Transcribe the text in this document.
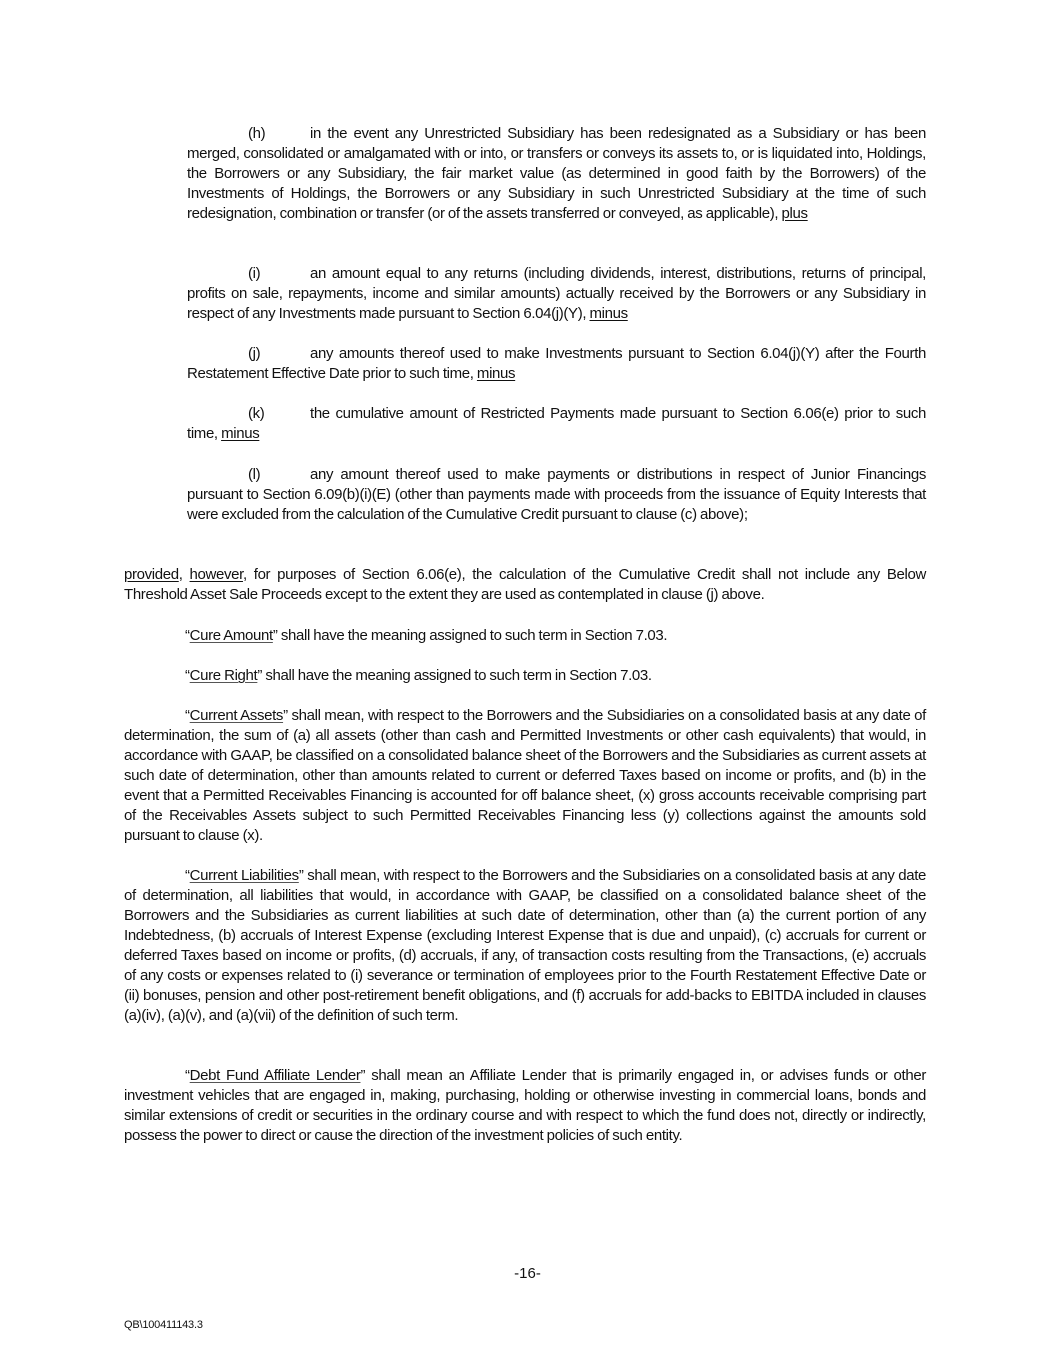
(h)	in the event any Unrestricted Subsidiary has been redesignated as a Subsidiary or has been merged, consolidated or amalgamated with or into, or transfers or conveys its assets to, or is liquidated into, Holdings, the Borrowers or any Subsidiary, the fair market value (as determined in good faith by the Borrowers) of the Investments of Holdings, the Borrowers or any Subsidiary in such Unrestricted Subsidiary at the time of such redesignation, combination or transfer (or of the assets transferred or conveyed, as applicable), plus
(i)	an amount equal to any returns (including dividends, interest, distributions, returns of principal, profits on sale, repayments, income and similar amounts) actually received by the Borrowers or any Subsidiary in respect of any Investments made pursuant to Section 6.04(j)(Y), minus
(j)	any amounts thereof used to make Investments pursuant to Section 6.04(j)(Y) after the Fourth Restatement Effective Date prior to such time, minus
(k)	the cumulative amount of Restricted Payments made pursuant to Section 6.06(e) prior to such time, minus
(l)	any amount thereof used to make payments or distributions in respect of Junior Financings pursuant to Section 6.09(b)(i)(E) (other than payments made with proceeds from the issuance of Equity Interests that were excluded from the calculation of the Cumulative Credit pursuant to clause (c) above);
provided, however, for purposes of Section 6.06(e), the calculation of the Cumulative Credit shall not include any Below Threshold Asset Sale Proceeds except to the extent they are used as contemplated in clause (j) above.
“Cure Amount” shall have the meaning assigned to such term in Section 7.03.
“Cure Right” shall have the meaning assigned to such term in Section 7.03.
“Current Assets” shall mean, with respect to the Borrowers and the Subsidiaries on a consolidated basis at any date of determination, the sum of (a) all assets (other than cash and Permitted Investments or other cash equivalents) that would, in accordance with GAAP, be classified on a consolidated balance sheet of the Borrowers and the Subsidiaries as current assets at such date of determination, other than amounts related to current or deferred Taxes based on income or profits, and (b) in the event that a Permitted Receivables Financing is accounted for off balance sheet, (x) gross accounts receivable comprising part of the Receivables Assets subject to such Permitted Receivables Financing less (y) collections against the amounts sold pursuant to clause (x).
“Current Liabilities” shall mean, with respect to the Borrowers and the Subsidiaries on a consolidated basis at any date of determination, all liabilities that would, in accordance with GAAP, be classified on a consolidated balance sheet of the Borrowers and the Subsidiaries as current liabilities at such date of determination, other than (a) the current portion of any Indebtedness, (b) accruals of Interest Expense (excluding Interest Expense that is due and unpaid), (c) accruals for current or deferred Taxes based on income or profits, (d) accruals, if any, of transaction costs resulting from the Transactions, (e) accruals of any costs or expenses related to (i) severance or termination of employees prior to the Fourth Restatement Effective Date or (ii) bonuses, pension and other post-retirement benefit obligations, and (f) accruals for add-backs to EBITDA included in clauses (a)(iv), (a)(v), and (a)(vii) of the definition of such term.
“Debt Fund Affiliate Lender” shall mean an Affiliate Lender that is primarily engaged in, or advises funds or other investment vehicles that are engaged in, making, purchasing, holding or otherwise investing in commercial loans, bonds and similar extensions of credit or securities in the ordinary course and with respect to which the fund does not, directly or indirectly, possess the power to direct or cause the direction of the investment policies of such entity.
-16-
QB\100411143.3
